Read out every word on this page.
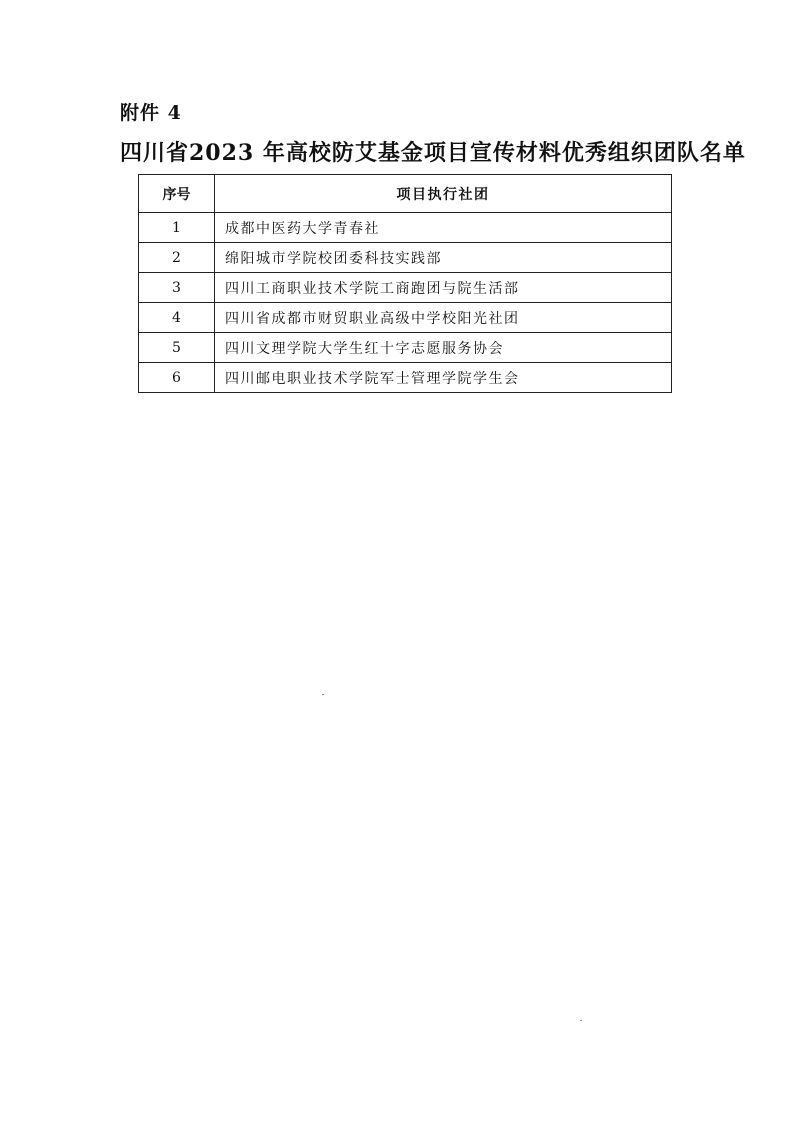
附件 4
四川省2023 年高校防艾基金项目宣传材料优秀组织团队名单
序号	项目执行社团
1	成都中医药大学青春社
2	绵阳城市学院校团委科技实践部
3	四川工商职业技术学院工商跑团与院生活部
4	四川省成都市财贸职业高级中学校阳光社团
5	四川文理学院大学生红十字志愿服务协会
6	四川邮电职业技术学院军士管理学院学生会
